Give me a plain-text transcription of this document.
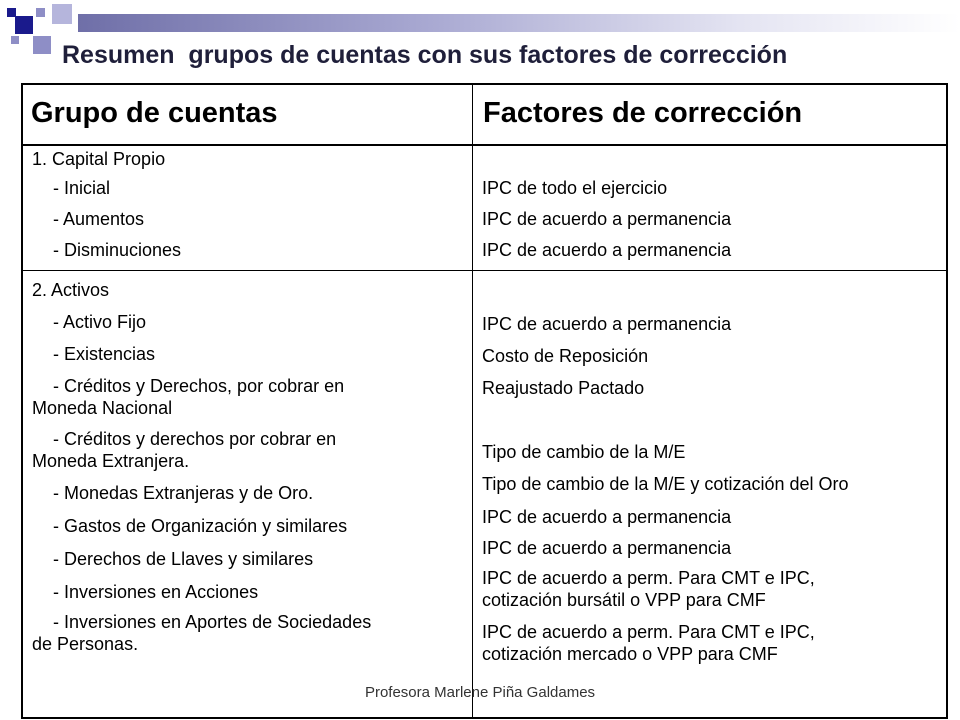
Resumen  grupos de cuentas con sus factores de corrección
Grupo de cuentas	Factores de corrección

1. Capital Propio

- Inicial

- Aumentos

- Disminuciones

IPC de todo el ejercicio

IPC de acuerdo a permanencia

IPC de acuerdo a permanencia

2. Activos

- Activo Fijo

- Existencias

- Créditos y Derechos, por cobrar en

Moneda Nacional

- Créditos y derechos por cobrar en

Moneda Extranjera.

- Monedas Extranjeras y de Oro.

- Gastos de Organización y similares

- Derechos de Llaves y similares

- Inversiones en Acciones

- Inversiones en Aportes de Sociedades

de Personas.

IPC de acuerdo a permanencia

Costo de Reposición

Reajustado Pactado

Tipo de cambio de la M/E

Tipo de cambio de la M/E y cotización del Oro

IPC de acuerdo a permanencia

IPC de acuerdo a permanencia

IPC de acuerdo a perm. Para CMT e IPC,

cotización bursátil o VPP para CMF

IPC de acuerdo a perm. Para CMT e IPC,

cotización mercado o VPP para CMF

Profesora Marlene Piña Galdames
